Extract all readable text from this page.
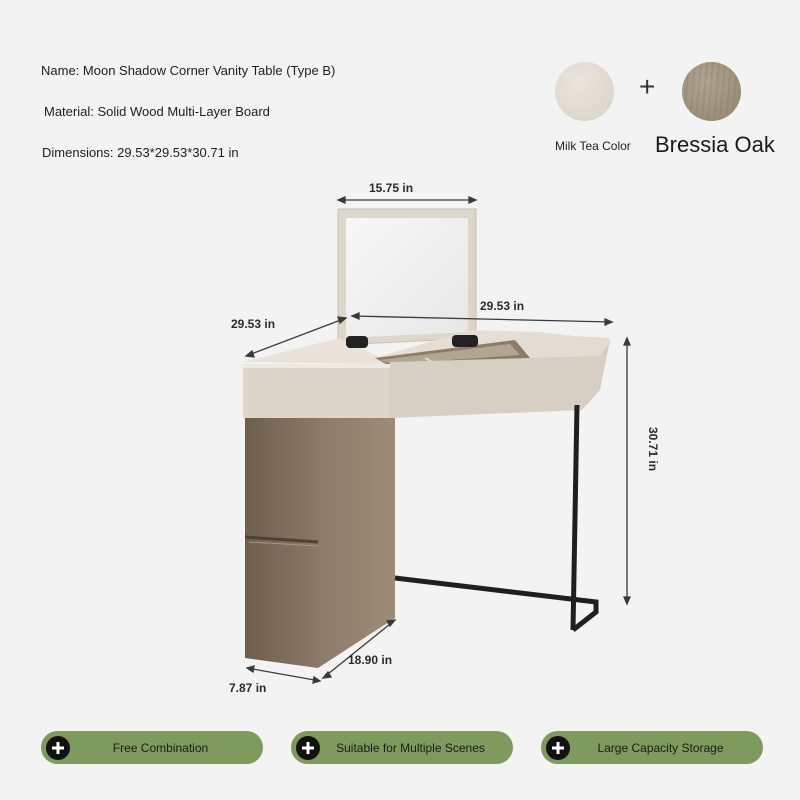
Name: Moon Shadow Corner Vanity Table (Type B)
Material: Solid Wood Multi-Layer Board
Dimensions: 29.53*29.53*30.71 in
+
Milk Tea Color Bressia Oak
15.75 in
29.53 in
29.53 in
30.71 in
18.90 in
7.87 in
Free Combination	Suitable for Multiple Scenes	Large Capacity Storage
